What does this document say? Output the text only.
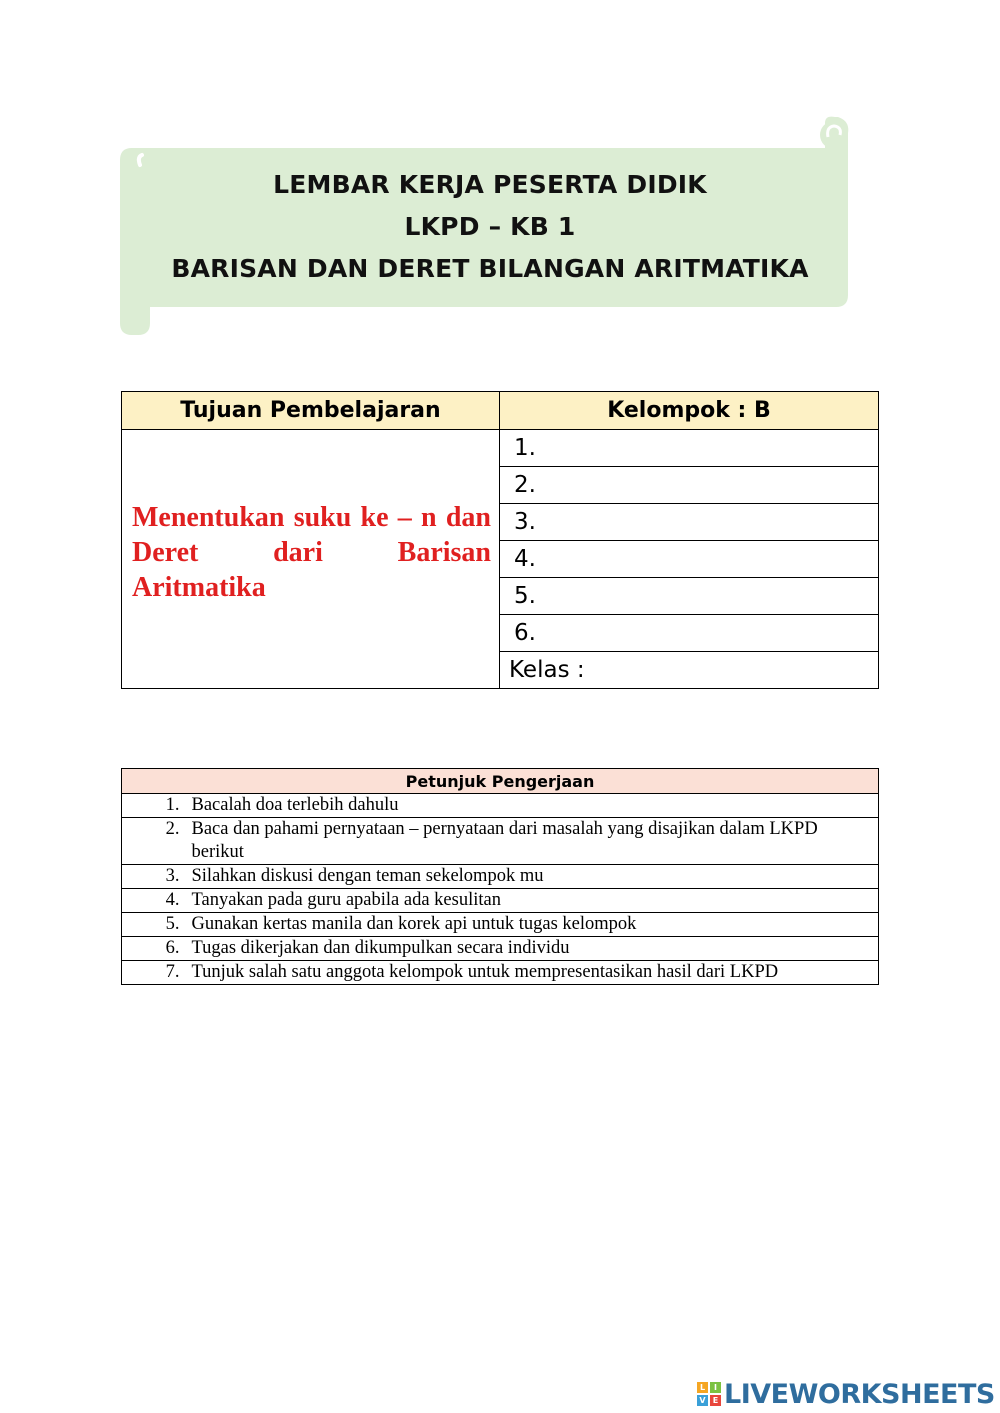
LEMBAR KERJA PESERTA DIDIK
LKPD – KB 1
BARISAN DAN DERET BILANGAN ARITMATIKA
Tujuan Pembelajaran	Kelompok : B
Menentukan suku ke – n dan Deret dari Barisan Aritmatika	1.
	2.
	3.
	4.
	5.
	6.
	Kelas :
Petunjuk Pengerjaan	
1.	Bacalah doa terlebih dahulu
2.	Baca dan pahami pernyataan – pernyataan dari masalah yang disajikan dalam LKPD berikut
3.	Silahkan diskusi dengan teman sekelompok mu
4.	Tanyakan pada guru apabila ada kesulitan
5.	Gunakan kertas manila dan korek api untuk tugas kelompok
6.	Tugas dikerjakan dan dikumpulkan secara individu
7.	Tunjuk salah satu anggota kelompok untuk mempresentasikan hasil dari LKPD
L	I
V E LIVEWORKSHEETS
